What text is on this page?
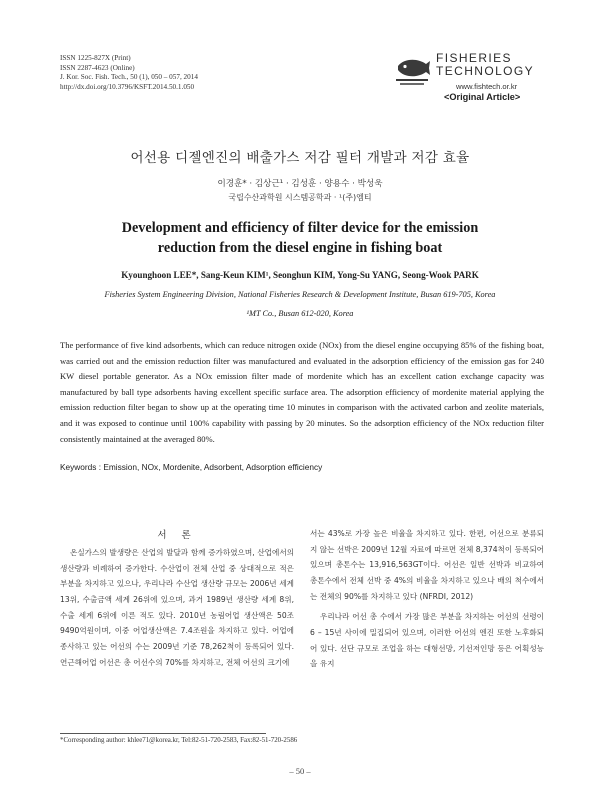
ISSN 1225-827X (Print)
ISSN 2287-4623 (Online)
J. Kor. Soc. Fish. Tech., 50 (1), 050 – 057, 2014
http://dx.doi.org/10.3796/KSFT.2014.50.1.050
FISHERIES
TECHNOLOGY
www.fishtech.or.kr
<Original Article>
어선용 디젤엔진의 배출가스 저감 필터 개발과 저감 효율
이경훈* · 김상근¹ · 김성훈 · 양용수 · 박성욱
국립수산과학원 시스템공학과 · ¹(주)엠티
Development and efficiency of filter device for the emission
reduction from the diesel engine in fishing boat
Kyounghoon LEE*, Sang-Keun KIM¹, Seonghun KIM, Yong-Su YANG, Seong-Wook PARK
Fisheries System Engineering Division, National Fisheries Research & Development Institute, Busan 619-705, Korea
¹MT Co., Busan 612-020, Korea
The performance of five kind adsorbents, which can reduce nitrogen oxide (NOx) from the diesel engine occupying 85% of the fishing boat, was carried out and the emission reduction filter was manufactured and evaluated in the adsorption efficiency of the emission gas for 240 KW diesel portable generator. As a NOx emission filter made of mordenite which has an excellent cation exchange capacity was manufactured by ball type adsorbents having excellent specific surface area. The adsorption efficiency of mordenite material applying the emission reduction filter began to show up at the operating time 10 minutes in comparison with the activated carbon and zeolite materials, and it was exposed to continue until 100% capability with passing by 20 minutes. So the adsorption efficiency of the NOx reduction filter consistently maintained at the averaged 80%.
Keywords : Emission, NOx, Mordenite, Adsorbent, Adsorption efficiency
서 론

온실가스의 발생량은 산업의 발달과 함께 증가하였으며, 산업에서의 생산량과 비례하여 증가한다. 수산업이 전체 산업 중 상대적으로 적은 부분을 차지하고 있으나, 우리나라 수산업 생산량 규모는 2006년 세계 13위, 수출금액 세계 26위에 있으며, 과거 1989년 생산량 세계 8위, 수출 세계 6위에 이른 적도 있다. 2010년 농림어업 생산액은 50조 9490억원이며, 이중 어업생산액은 7.4조원을 차지하고 있다. 어업에 종사하고 있는 어선의 수는 2009년 기준 78,262척이 등록되어 있다. 연근해어업 어선은 총 어선수의 70%를 차지하고, 전체 어선의 크기에

서는 43%로 가장 높은 비율을 차지하고 있다. 한편, 어선으로 분류되지 않는 선박은 2009년 12월 자료에 따르면 전체 8,374척이 등록되어 있으며 총톤수는 13,916,563GT이다. 어선은 일반 선박과 비교하여 총톤수에서 전체 선박 중 4%의 비율을 차지하고 있으나 배의 척수에서는 전체의 90%를 차지하고 있다 (NFRDI, 2012)

우리나라 어선 총 수에서 가장 많은 부분을 차지하는 어선의 선령이 6 – 15년 사이에 밀집되어 있으며, 이러한 어선의 엔진 또한 노후화되어 있다. 선단 규모로 조업을 하는 대형선망, 기선저인망 등은 어획성능을 유지

*Corresponding author: khlee71@korea.kr, Tel:82-51-720-2583, Fax:82-51-720-2586
– 50 –
